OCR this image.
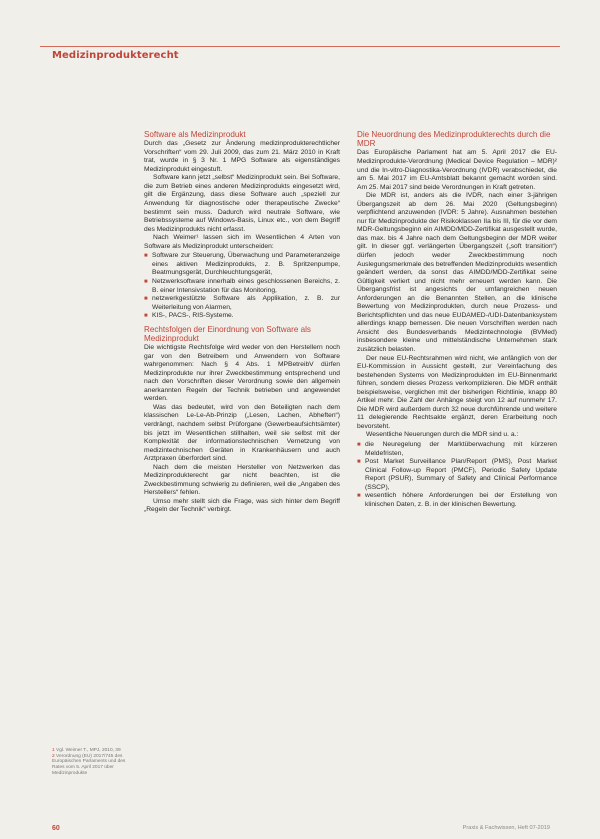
Medizinprodukterecht
Software als Medizinprodukt

Durch das „Gesetz zur Änderung medizinprodukterechtlicher Vorschriften“ vom 29. Juli 2009, das zum 21. März 2010 in Kraft trat, wurde in § 3 Nr. 1 MPG Software als eigenständiges Medizinprodukt eingestuft.

Software kann jetzt „selbst“ Medizinprodukt sein. Bei Software, die zum Betrieb eines anderen Medizinprodukts eingesetzt wird, gilt die Ergänzung, dass diese Software auch „speziell zur Anwendung für diagnostische oder therapeutische Zwecke“ bestimmt sein muss. Dadurch wird neutrale Software, wie Betriebssysteme auf Windows-Basis, Linux etc., von dem Begriff des Medizinprodukts nicht erfasst.

Nach Weimer¹ lassen sich im Wesentlichen 4 Arten von Software als Medizinprodukt unterscheiden:

■ Software zur Steuerung, Überwachung und Parameteranzeige eines aktiven Medizinprodukts, z. B. Spritzenpumpe, Beatmungsgerät, Durchleuchtungsgerät,
■ Netzwerksoftware innerhalb eines geschlossenen Bereichs, z. B. einer Intensivstation für das Monitoring,
■ netzwerkgestützte Software als Applikation, z. B. zur Weiterleitung von Alarmen,
■ KIS-, PACS-, RIS-Systeme.
Rechtsfolgen der Einordnung von Software als Medizinprodukt

Die wichtigste Rechtsfolge wird weder von den Herstellern noch gar von den Betreibern und Anwendern von Software wahrgenommen: Nach § 4 Abs. 1 MPBetreibV dürfen Medizinprodukte nur ihrer Zweckbestimmung entsprechend und nach den Vorschriften dieser Verordnung sowie den allgemein anerkannten Regeln der Technik betrieben und angewendet werden.

Was das bedeutet, wird von den Beteiligten nach dem klassischen Le-Le-Ab-Prinzip („Lesen, Lachen, Abheften“) verdrängt, nachdem selbst Prüforgane (Gewerbeaufsichtsämter) bis jetzt im Wesentlichen stillhalten, weil sie selbst mit der Komplexität der informationstechnischen Vernetzung von medizintechnischen Geräten in Krankenhäusern und auch Arztpraxen überfordert sind.

Nach dem die meisten Hersteller von Netzwerken das Medizinprodukterecht gar nicht beachten, ist die Zweckbestimmung schwierig zu definieren, weil die „Angaben des Herstellers“ fehlen.

Umso mehr stellt sich die Frage, was sich hinter dem Begriff „Regeln der Technik“ verbirgt.

Die Neuordnung des Medizinprodukterechts durch die MDR

Das Europäische Parlament hat am 5. April 2017 die EU-Medizinprodukte-Verordnung (Medical Device Regulation – MDR)² und die In-vitro-Diagnostika-Verordnung (IVDR) verabschiedet, die am 5. Mai 2017 im EU-Amtsblatt bekannt gemacht worden sind. Am 25. Mai 2017 sind beide Verordnungen in Kraft getreten.

Die MDR ist, anders als die IVDR, nach einer 3-jährigen Übergangszeit ab dem 26. Mai 2020 (Geltungsbeginn) verpflichtend anzuwenden (IVDR: 5 Jahre). Ausnahmen bestehen nur für Medizinprodukte der Risikoklassen IIa bis III, für die vor dem MDR-Geltungsbeginn ein AIMDD/MDD-Zertifikat ausgestellt wurde, das max. bis 4 Jahre nach dem Geltungsbeginn der MDR weiter gilt. In dieser ggf. verlängerten Übergangszeit („soft transition“) dürfen jedoch weder Zweckbestimmung noch Auslegungsmerkmale des betreffenden Medizinprodukts wesentlich geändert werden, da sonst das AIMDD/MDD-Zertifikat seine Gültigkeit verliert und nicht mehr erneuert werden kann. Die Übergangsfrist ist angesichts der umfangreichen neuen Anforderungen an die Benannten Stellen, an die klinische Bewertung von Medizinprodukten, durch neue Prozess- und Berichtspflichten und das neue EUDAMED-/UDI-Datenbanksystem allerdings knapp bemessen. Die neuen Vorschriften werden nach Ansicht des Bundesverbands Medizintechnologie (BVMed) insbesondere kleine und mittelständische Unternehmen stark zusätzlich belasten.

Der neue EU-Rechtsrahmen wird nicht, wie anfänglich von der EU-Kommission in Aussicht gestellt, zur Vereinfachung des bestehenden Systems von Medizinprodukten im EU-Binnenmarkt führen, sondern dieses Prozess verkomplizieren. Die MDR enthält beispielsweise, verglichen mit der bisherigen Richtlinie, knapp 80 Artikel mehr. Die Zahl der Anhänge steigt von 12 auf nunmehr 17. Die MDR wird außerdem durch 32 neue durchführende und weitere 11 delegierende Rechtsakte ergänzt, deren Erarbeitung noch bevorsteht.

Wesentliche Neuerungen durch die MDR sind u. a.:

■ die Neuregelung der Marktüberwachung mit kürzeren Meldefristen,
■ Post Market Surveillance Plan/Report (PMS), Post Market Clinical Follow-up Report (PMCF), Periodic Safety Update Report (PSUR), Summary of Safety and Clinical Performance (SSCP),
■ wesentlich höhere Anforderungen bei der Erstellung von klinischen Daten, z. B. in der klinischen Bewertung.
1 Vgl. Weimer T., MPJ, 2010, 39
2 Verordnung (EU) 2017/745 des Europäischen Parlaments und des Rates vom 5. April 2017 über Medizinprodukte
60	Praxis & Fachwissen, Heft 07-2019
